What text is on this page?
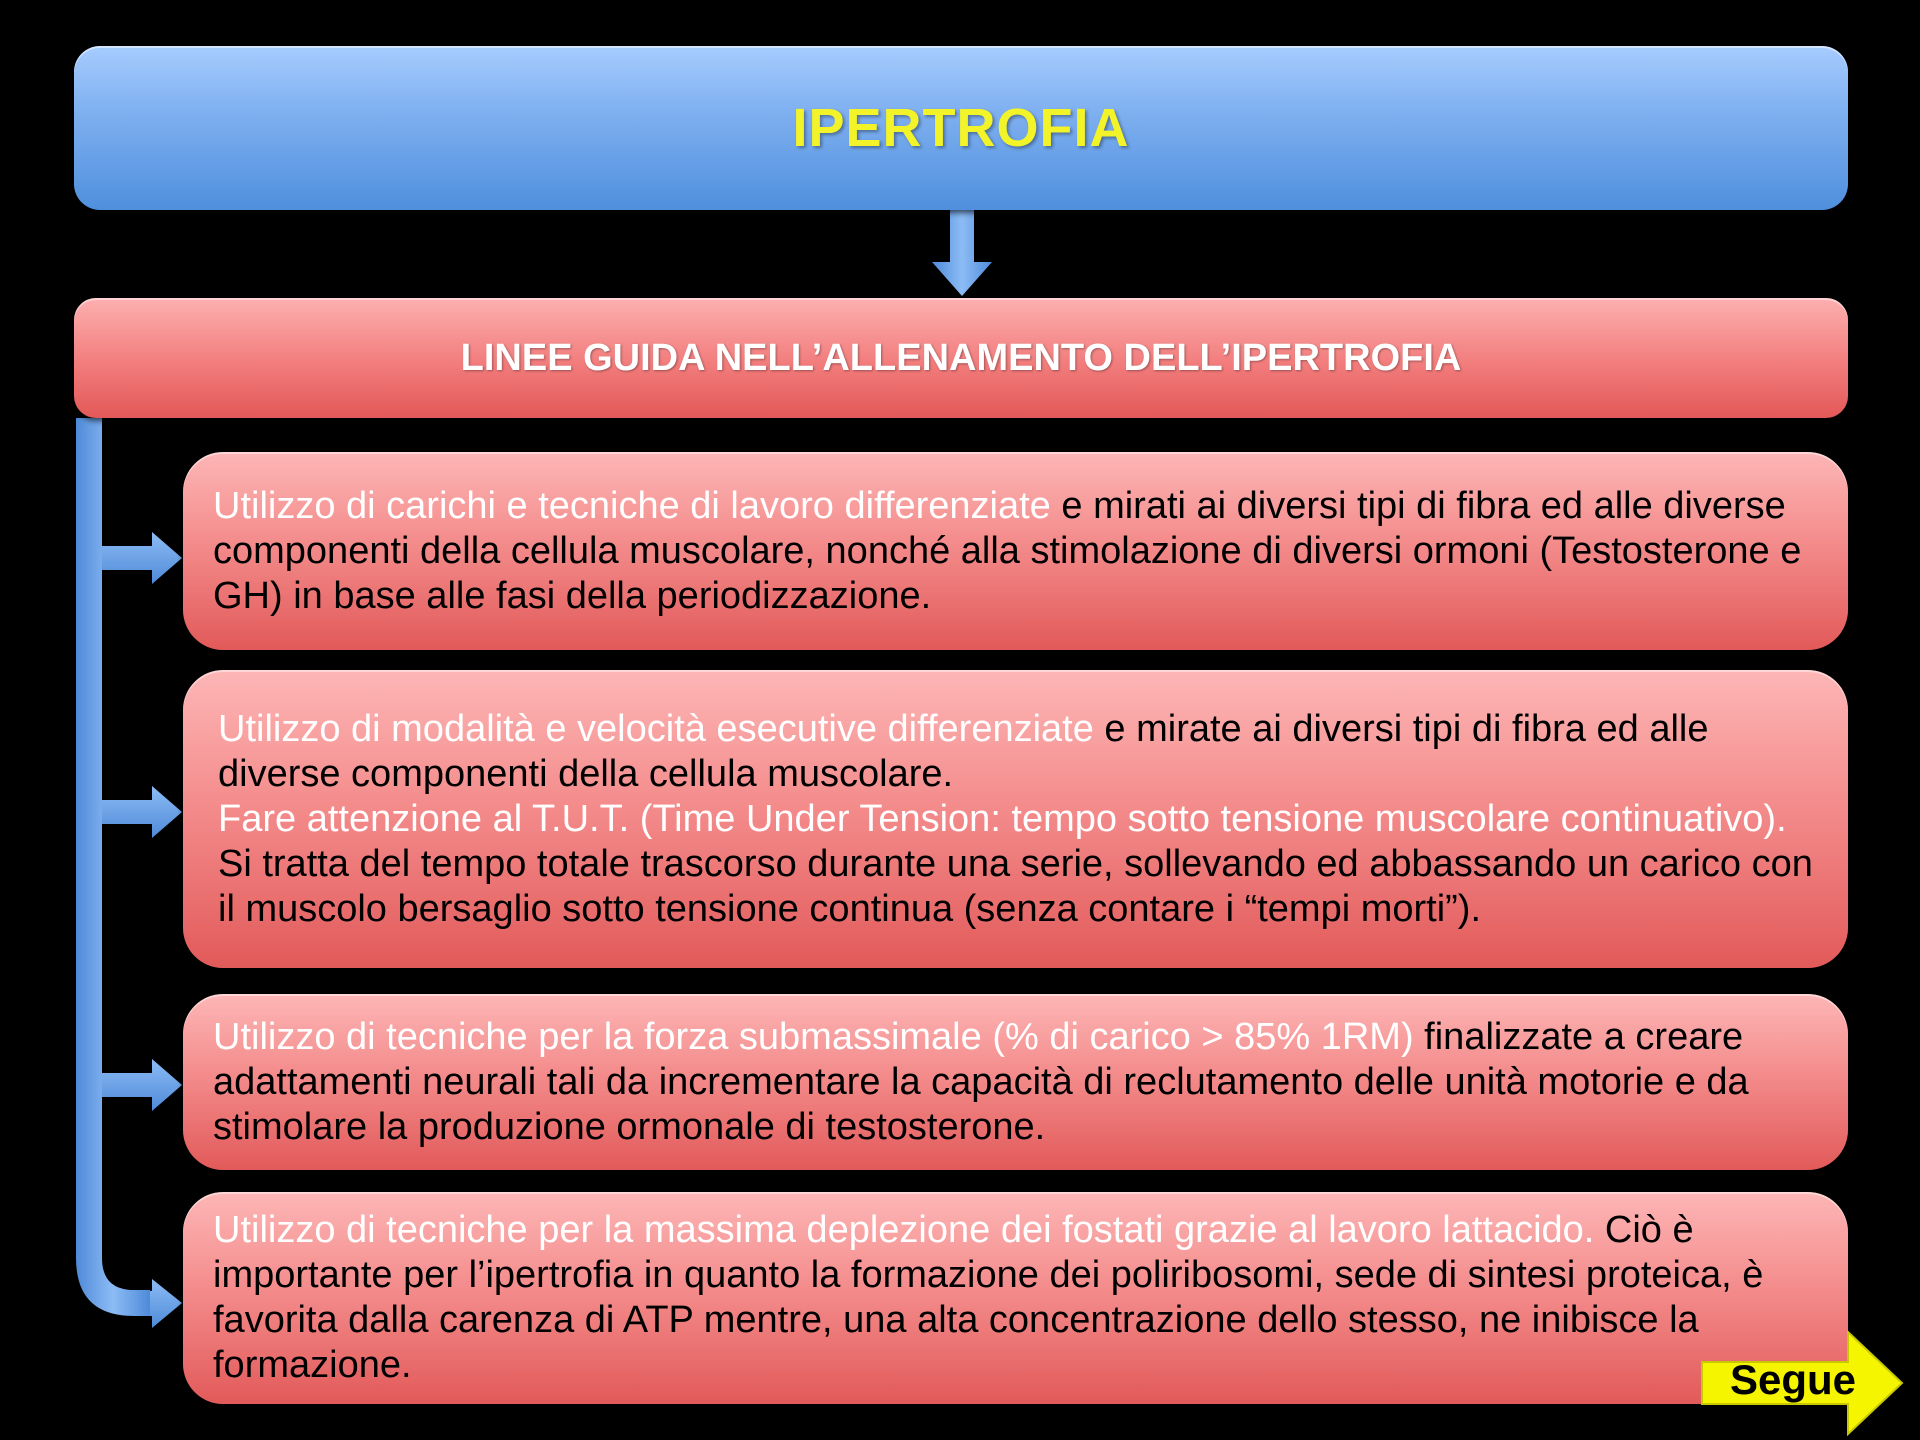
IPERTROFIA
LINEE GUIDA NELL’ALLENAMENTO DELL’IPERTROFIA

Utilizzo di carichi e tecniche di lavoro differenziate e mirati ai diversi tipi di fibra ed alle diverse componenti della cellula muscolare, nonché alla stimolazione di diversi ormoni (Testosterone e GH) in base alle fasi della periodizzazione.

Utilizzo di modalità e velocità esecutive differenziate e mirate ai diversi tipi di fibra ed alle diverse componenti della cellula muscolare.
Fare attenzione al T.U.T. (Time Under Tension: tempo sotto tensione muscolare continuativo). Si tratta del tempo totale trascorso durante una serie, sollevando ed abbassando un carico con il muscolo bersaglio sotto tensione continua (senza contare i “tempi morti”).

Utilizzo di tecniche per la forza submassimale (% di carico > 85% 1RM) finalizzate a creare adattamenti neurali tali da incrementare la capacità di reclutamento delle unità motorie e da stimolare la produzione ormonale di testosterone.

Utilizzo di tecniche per la massima deplezione dei fostati grazie al lavoro lattacido. Ciò è importante per l’ipertrofia in quanto la formazione dei poliribosomi, sede di sintesi proteica, è favorita dalla carenza di ATP mentre, una alta concentrazione dello stesso, ne inibisce la formazione.	Segue
